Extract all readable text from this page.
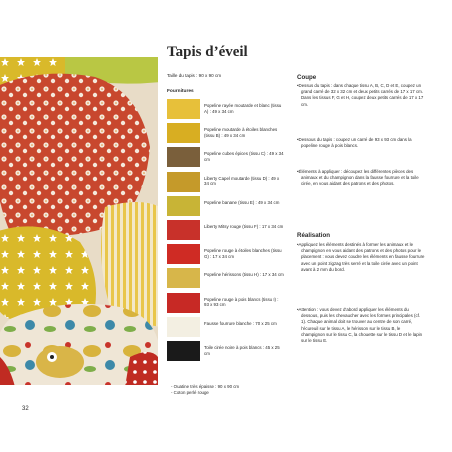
32
Tapis d’éveil
Taille du tapis : 90 x 90 cm
Fournitures
Popeline rayée moutarde et blanc (tissu A) : 49 x 34 cm
Popeline moutarde à étoiles blanches (tissu B) : 49 x 34 cm
Popeline cubes épices (tissu C) : 49 x 34 cm
Liberty Capel moutarde (tissu D) : 49 x 34 cm
Popeline banane (tissu E) : 49 x 34 cm
Liberty Mitsy rouge (tissu F) : 17 x 34 cm
Popeline rouge à étoiles blanches (tissu G) : 17 x 34 cm
Popeline hérissons (tissu H) : 17 x 34 cm
Popeline rouge à pois blancs (tissu I) : 93 x 93 cm
Fausse fourrure blanche : 70 x 25 cm
Toile cirée noire à pois blancs : 45 x 25 cm
- Ouatine très épaisse : 90 x 90 cm
- Coton perlé rouge
Coupe
• Dessus du tapis : dans chaque tissu A, B, C, D et E, coupez un grand carré de 32 x 32 cm et deux petits carrés de 17 x 17 cm. Dans les tissus F, G et H, coupez deux petits carrés de 17 x 17 cm.
• Dessous du tapis : coupez un carré de 93 x 93 cm dans la popeline rouge à pois blancs.
• Éléments à appliquer : découpez les différentes pièces des animaux et du champignon dans la fausse fourrure et la toile cirée, en vous aidant des patrons et des photos.
Réalisation
• Appliquez les éléments destinés à former les animaux et le champignon en vous aidant des patrons et des photos pour le placement : vous devez coudre les éléments en fausse fourrure avec un point zigzag très serré et la toile cirée avec un point avant à 2 mm du bord.
• Attention : vous devez d’abord appliquer les éléments du dessous, puis les chevaucher avec les formes principales (cf. 1). Chaque animal doit se trouver au centre de son carré, l’écureuil sur le tissu A, le hérisson sur le tissu B, le champignon sur le tissu C, la chouette sur le tissu D et le lapin sur le tissu E.
